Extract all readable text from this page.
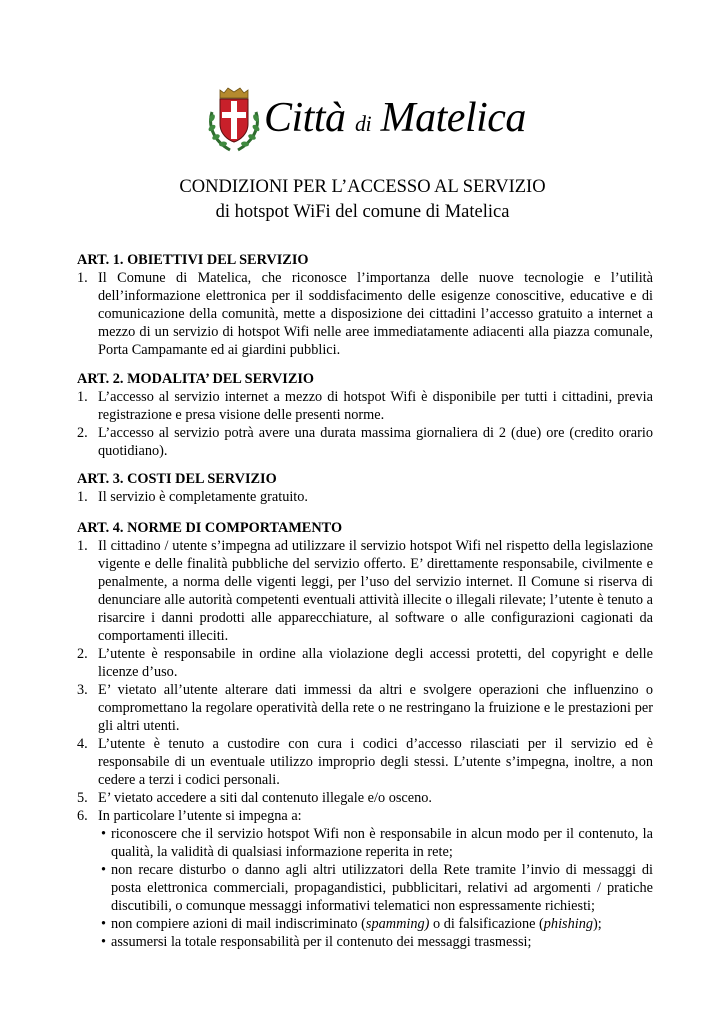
Città di Matelica
CONDIZIONI PER L’ACCESSO AL SERVIZIO
di hotspot WiFi del comune di Matelica

ART. 1. OBIETTIVI DEL SERVIZIO

1. Il Comune di Matelica, che riconosce l’importanza delle nuove tecnologie e l’utilità dell’informazione elettronica per il soddisfacimento delle esigenze conoscitive, educative e di comunicazione della comunità, mette a disposizione dei cittadini l’accesso gratuito a internet a mezzo di un servizio di hotspot Wifi nelle aree immediatamente adiacenti alla piazza comunale, Porta Campamante ed ai giardini pubblici.

ART. 2. MODALITA’ DEL SERVIZIO

1. L’accesso al servizio internet a mezzo di hotspot Wifi è disponibile per tutti i cittadini, previa registrazione e presa visione delle presenti norme.
2. L’accesso al servizio potrà avere una durata massima giornaliera di 2 (due) ore (credito orario quotidiano).

ART. 3. COSTI DEL SERVIZIO

1. Il servizio è completamente gratuito.

ART. 4. NORME DI COMPORTAMENTO

1. Il cittadino / utente s’impegna ad utilizzare il servizio hotspot Wifi nel rispetto della legislazione vigente e delle finalità pubbliche del servizio offerto. E’ direttamente responsabile, civilmente e penalmente, a norma delle vigenti leggi, per l’uso del servizio internet. Il Comune si riserva di denunciare alle autorità competenti eventuali attività illecite o illegali rilevate; l’utente è tenuto a risarcire i danni prodotti alle apparecchiature, al software o alle configurazioni cagionati da comportamenti illeciti.
2. L’utente è responsabile in ordine alla violazione degli accessi protetti, del copyright e delle licenze d’uso.
3. E’ vietato all’utente alterare dati immessi da altri e svolgere operazioni che influenzino o compromettano la regolare operatività della rete o ne restringano la fruizione e le prestazioni per gli altri utenti.
4. L’utente è tenuto a custodire con cura i codici d’accesso rilasciati per il servizio ed è responsabile di un eventuale utilizzo improprio degli stessi. L’utente s’impegna, inoltre, a non cedere a terzi i codici personali.
5. E’ vietato accedere a siti dal contenuto illegale e/o osceno.
6. In particolare l’utente si impegna a:
• riconoscere che il servizio hotspot Wifi non è responsabile in alcun modo per il contenuto, la qualità, la validità di qualsiasi informazione reperita in rete;
• non recare disturbo o danno agli altri utilizzatori della Rete tramite l’invio di messaggi di posta elettronica commerciali, propagandistici, pubblicitari, relativi ad argomenti / pratiche discutibili, o comunque messaggi informativi telematici non espressamente richiesti;
• non compiere azioni di mail indiscriminato (spamming) o di falsificazione (phishing);
• assumersi la totale responsabilità per il contenuto dei messaggi trasmessi;
